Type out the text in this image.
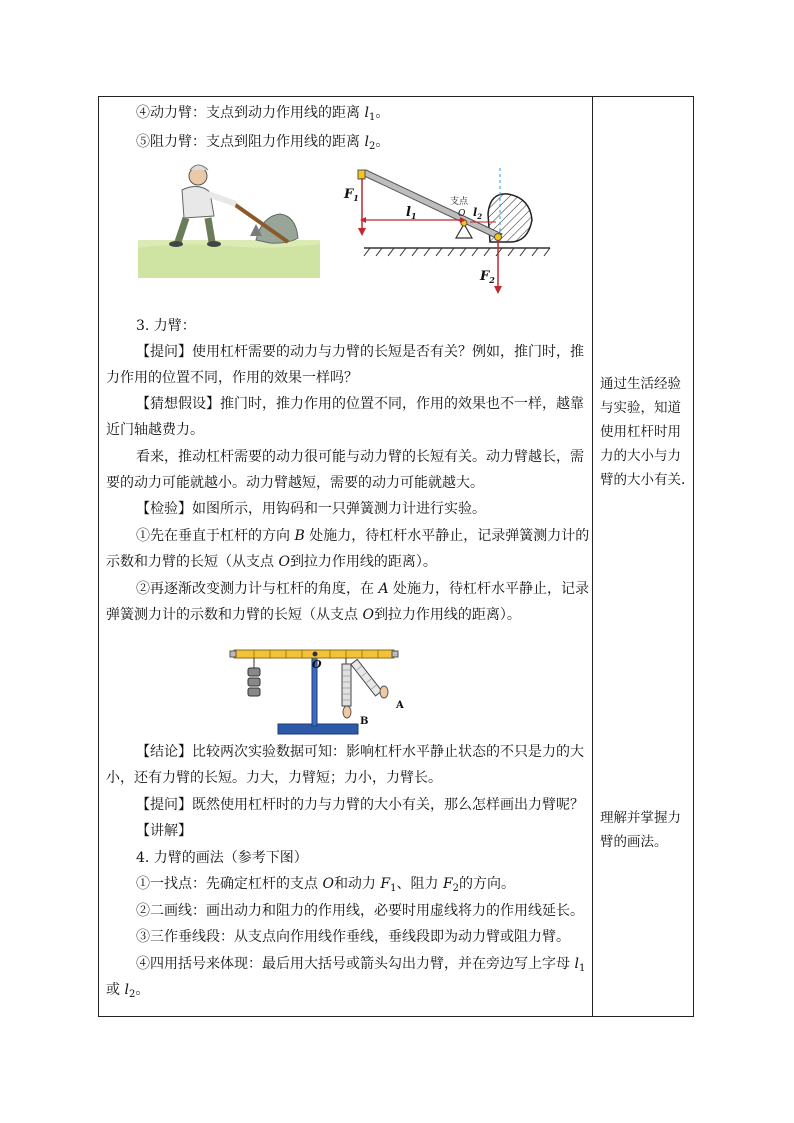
④动力臂：支点到动力作用线的距离 $l_1$。
⑤阻力臂：支点到阻力作用线的距离 $l_2$。
$F_1$
$l_1$	$l_2$
O
支点
$F_2$
3. 力臂：
【提问】使用杠杆需要的动力与力臂的长短是否有关？例如，推门时，推
力作用的位置不同，作用的效果一样吗？
【猜想假设】推门时，推力作用的位置不同，作用的效果也不一样，越靠
近门轴越费力。
看来，推动杠杆需要的动力很可能与动力臂的长短有关。动力臂越长，需
要的动力可能就越小。动力臂越短，需要的动力可能就越大。
【检验】如图所示，用钩码和一只弹簧测力计进行实验。
①先在垂直于杠杆的方向 B 处施力，待杠杆水平静止，记录弹簧测力计的
示数和力臂的长短（从支点 O到拉力作用线的距离）。
②再逐渐改变测力计与杠杆的角度，在 A 处施力，待杠杆水平静止，记录
弹簧测力计的示数和力臂的长短（从支点 O到拉力作用线的距离）。
O
A
B
【结论】比较两次实验数据可知：影响杠杆水平静止状态的不只是力的大
小，还有力臂的长短。力大，力臂短；力小，力臂长。
【提问】既然使用杠杆时的力与力臂的大小有关，那么怎样画出力臂呢？
【讲解】
4. 力臂的画法（参考下图）
①一找点：先确定杠杆的支点 O和动力 $F_1$、阻力 $F_2$的方向。
②二画线：画出动力和阻力的作用线，必要时用虚线将力的作用线延长。
③三作垂线段：从支点向作用线作垂线，垂线段即为动力臂或阻力臂。
④四用括号来体现：最后用大括号或箭头勾出力臂，并在旁边写上字母 $l_1$
或 $l_2$。
通过生活经验与实验，知道使用杠杆时用力的大小与力臂的大小有关.
理解并掌握力臂的画法。
